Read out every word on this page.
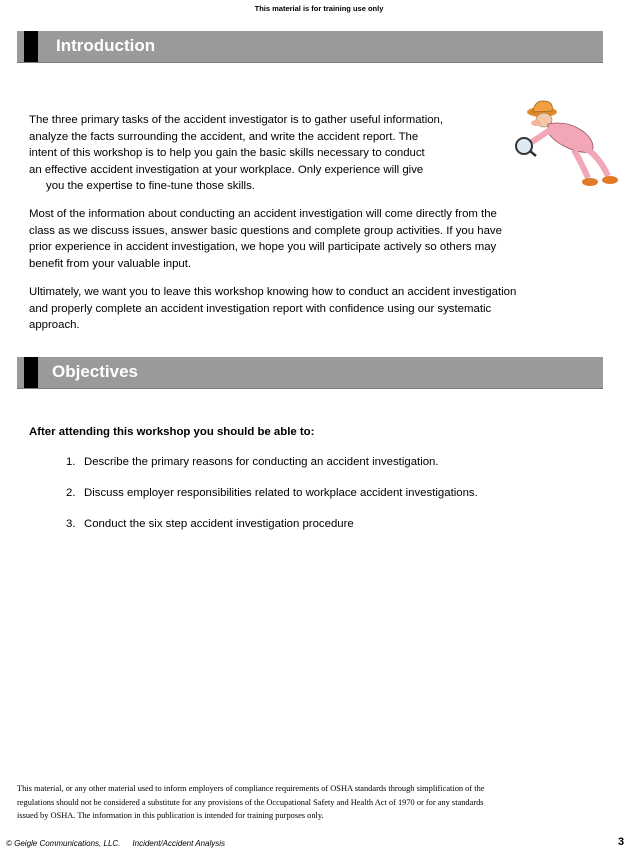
This material is for training use only
Introduction
The three primary tasks of the accident investigator is to gather useful information,
analyze the facts surrounding the accident, and write the accident report. The
intent of this workshop is to help you gain the basic skills necessary to conduct
an effective accident investigation at your workplace. Only experience will give
you the expertise to fine-tune those skills.
Most of the information about conducting an accident investigation will come directly from the
class as we discuss issues, answer basic questions and complete group activities. If you have
prior experience in accident investigation, we hope you will participate actively so others may
benefit from your valuable input.
Ultimately, we want you to leave this workshop knowing how to conduct an accident investigation
and properly complete an accident investigation report with confidence using our systematic
approach.
Objectives

After attending this workshop you should be able to:

1. Describe the primary reasons for conducting an accident investigation.
2. Discuss employer responsibilities related to workplace accident investigations.
3. Conduct the six step accident investigation procedure
This material, or any other material used to inform employers of compliance requirements of OSHA standards through simplification of the
regulations should not be considered a substitute for any provisions of the Occupational Safety and Health Act of 1970 or for any standards
issued by OSHA. The information in this publication is intended for training purposes only.
© Geigle Communications, LLC. Incident/Accident Analysis	3
